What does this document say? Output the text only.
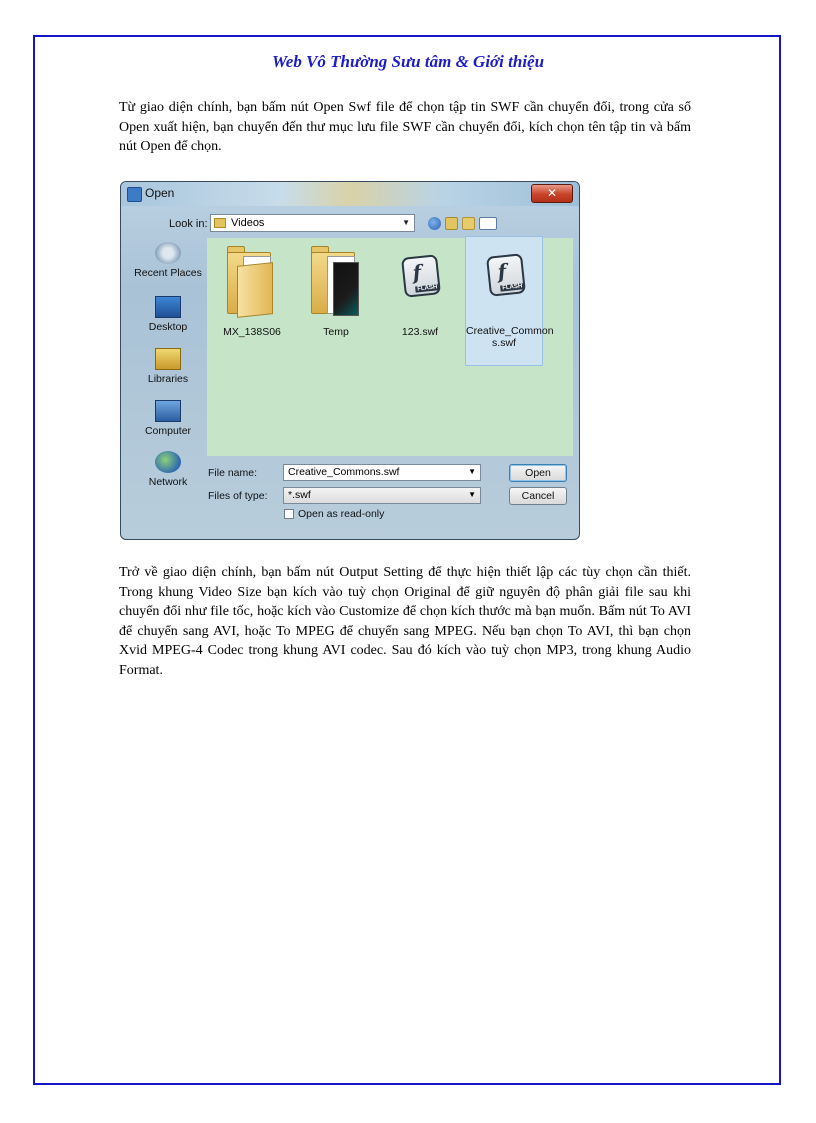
Web Vô Thường Sưu tâm & Giới thiệu
Từ giao diện chính, bạn bấm nút Open Swf file để chọn tập tin SWF cần chuyển đổi, trong cửa sổ Open xuất hiện, bạn chuyển đến thư mục lưu file SWF cần chuyển đổi, kích chọn tên tập tin và bấm nút Open để chọn.
Open	✕
Look in: Videos	▼
Recent Places
Desktop
Libraries
Computer
Network
MX_138S06	Temp
f
FLASH
123.swf
f
FLASH
Creative_Common
s.swf
File name:	Creative_Commons.swf	▼
Files of type: *.swf	▼
Open
Cancel
Open as read-only
Trở về giao diện chính, bạn bấm nút Output Setting để thực hiện thiết lập các tùy chọn cần thiết. Trong khung Video Size bạn kích vào tuỳ chọn Original để giữ nguyên độ phân giải file sau khi chuyển đổi như file tốc, hoặc kích vào Customize để chọn kích thước mà bạn muốn. Bấm nút To AVI để chuyển sang AVI, hoặc To MPEG để chuyển sang MPEG. Nếu bạn chọn To AVI, thì bạn chọn Xvid MPEG-4 Codec trong khung AVI codec. Sau đó kích vào tuỳ chọn MP3, trong khung Audio Format.
